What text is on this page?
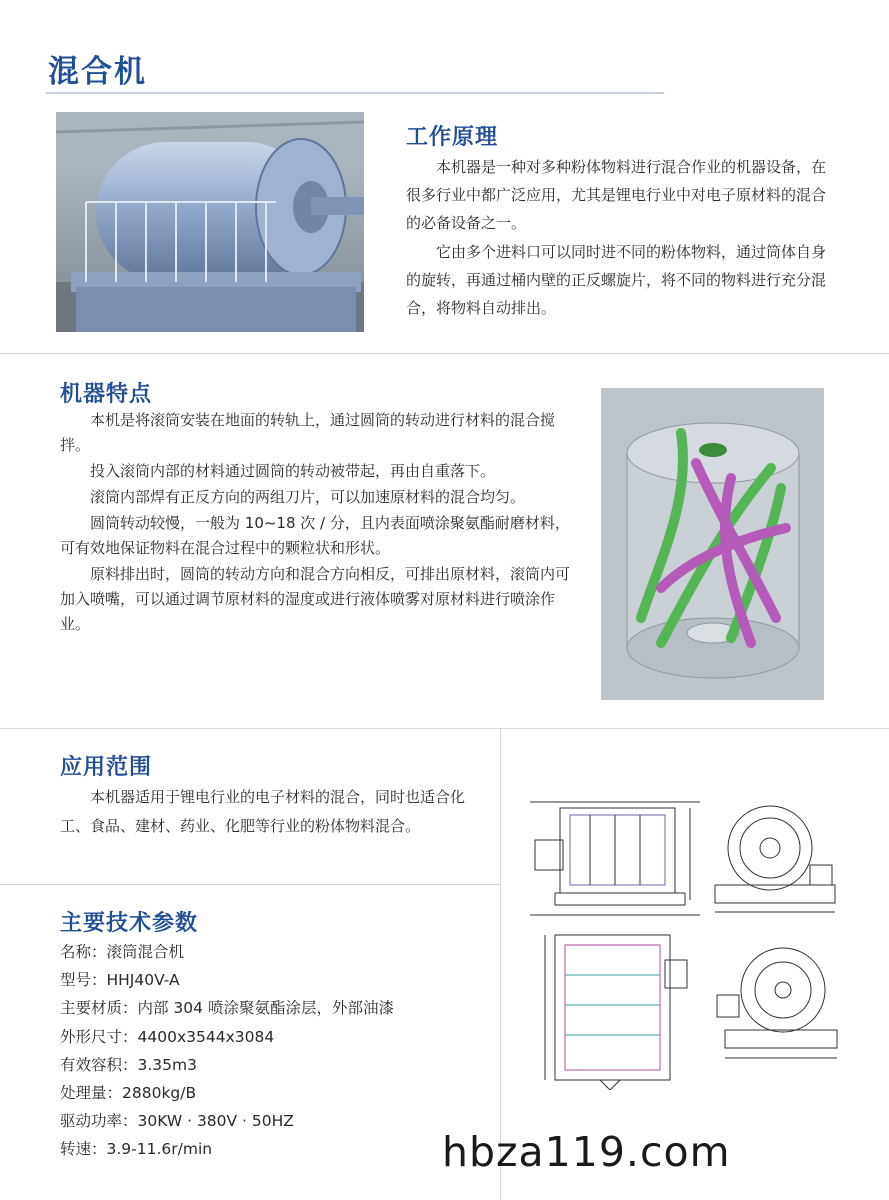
混合机
工作原理

本机器是一种对多种粉体物料进行混合作业的机器设备，在很多行业中都广泛应用，尤其是锂电行业中对电子原材料的混合的必备设备之一。

它由多个进料口可以同时进不同的粉体物料，通过筒体自身的旋转，再通过桶内壁的正反螺旋片，将不同的物料进行充分混合，将物料自动排出。

机器特点

本机是将滚筒安装在地面的转轨上，通过圆筒的转动进行材料的混合搅拌。

投入滚筒内部的材料通过圆筒的转动被带起，再由自重落下。

滚筒内部焊有正反方向的两组刀片，可以加速原材料的混合均匀。

圆筒转动较慢，一般为 10~18 次 / 分，且内表面喷涂聚氨酯耐磨材料，可有效地保证物料在混合过程中的颗粒状和形状。

原料排出时，圆筒的转动方向和混合方向相反，可排出原材料，滚筒内可加入喷嘴，可以通过调节原材料的湿度或进行液体喷雾对原材料进行喷涂作业。

应用范围

本机器适用于锂电行业的电子材料的混合，同时也适合化工、食品、建材、药业、化肥等行业的粉体物料混合。

主要技术参数
名称：滚筒混合机
型号：HHJ40V-A
主要材质：内部 304 喷涂聚氨酯涂层，外部油漆
外形尺寸：4400x3544x3084
有效容积：3.35m3
处理量：2880kg/B
驱动功率：30KW · 380V · 50HZ
转速：3.9-11.6r/min	hbza119.com
